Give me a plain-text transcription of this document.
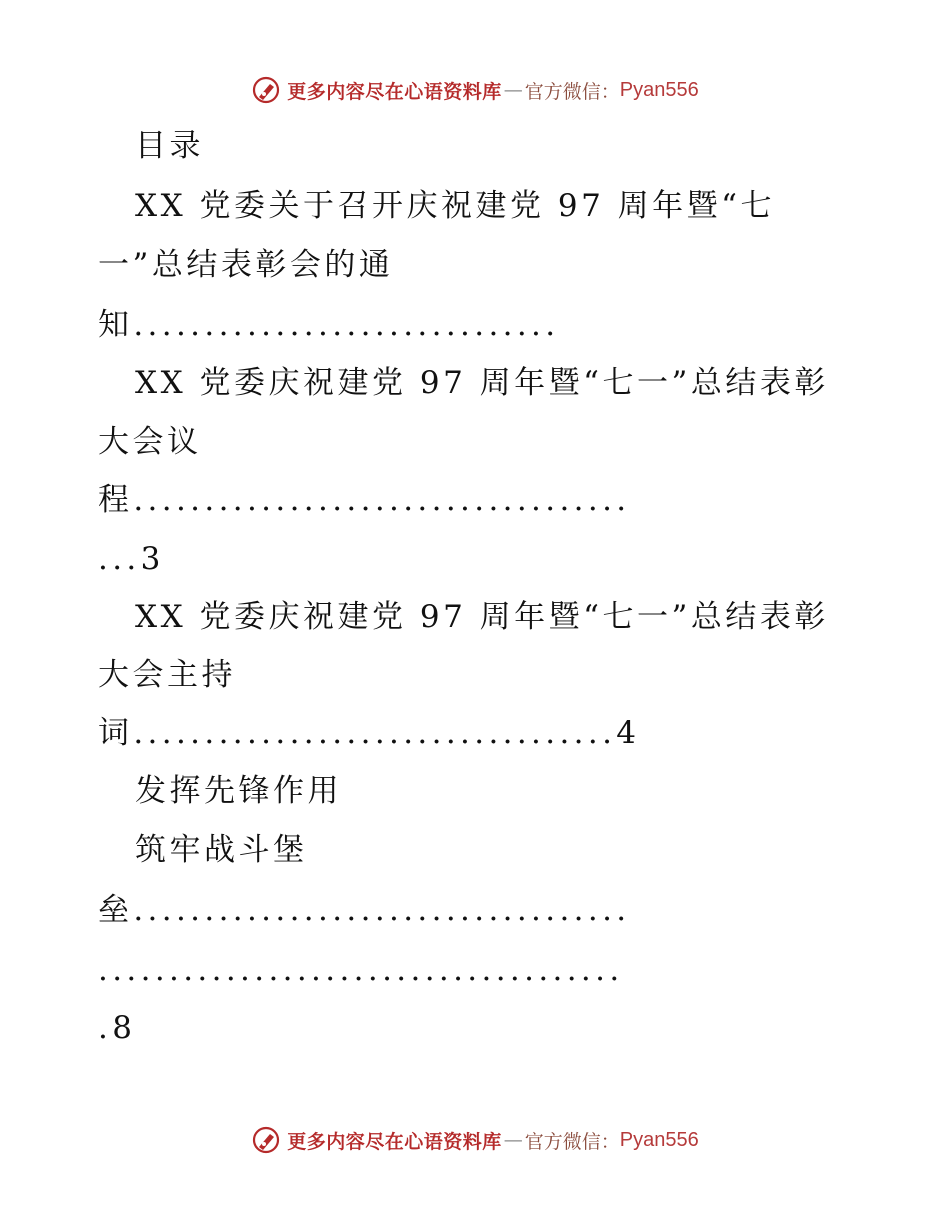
更多内容尽在心语资料库 — 官方微信： Pyan556
目录
XX 党委关于召开庆祝建党 97 周年暨“七
一”总结表彰会的通
知..............................
XX 党委庆祝建党 97 周年暨“七一”总结表彰
大会议
程...................................
...3
XX 党委庆祝建党 97 周年暨“七一”总结表彰
大会主持
词..................................4
发挥先锋作用
筑牢战斗堡
垒...................................
.....................................
.8
更多内容尽在心语资料库 — 官方微信： Pyan556
